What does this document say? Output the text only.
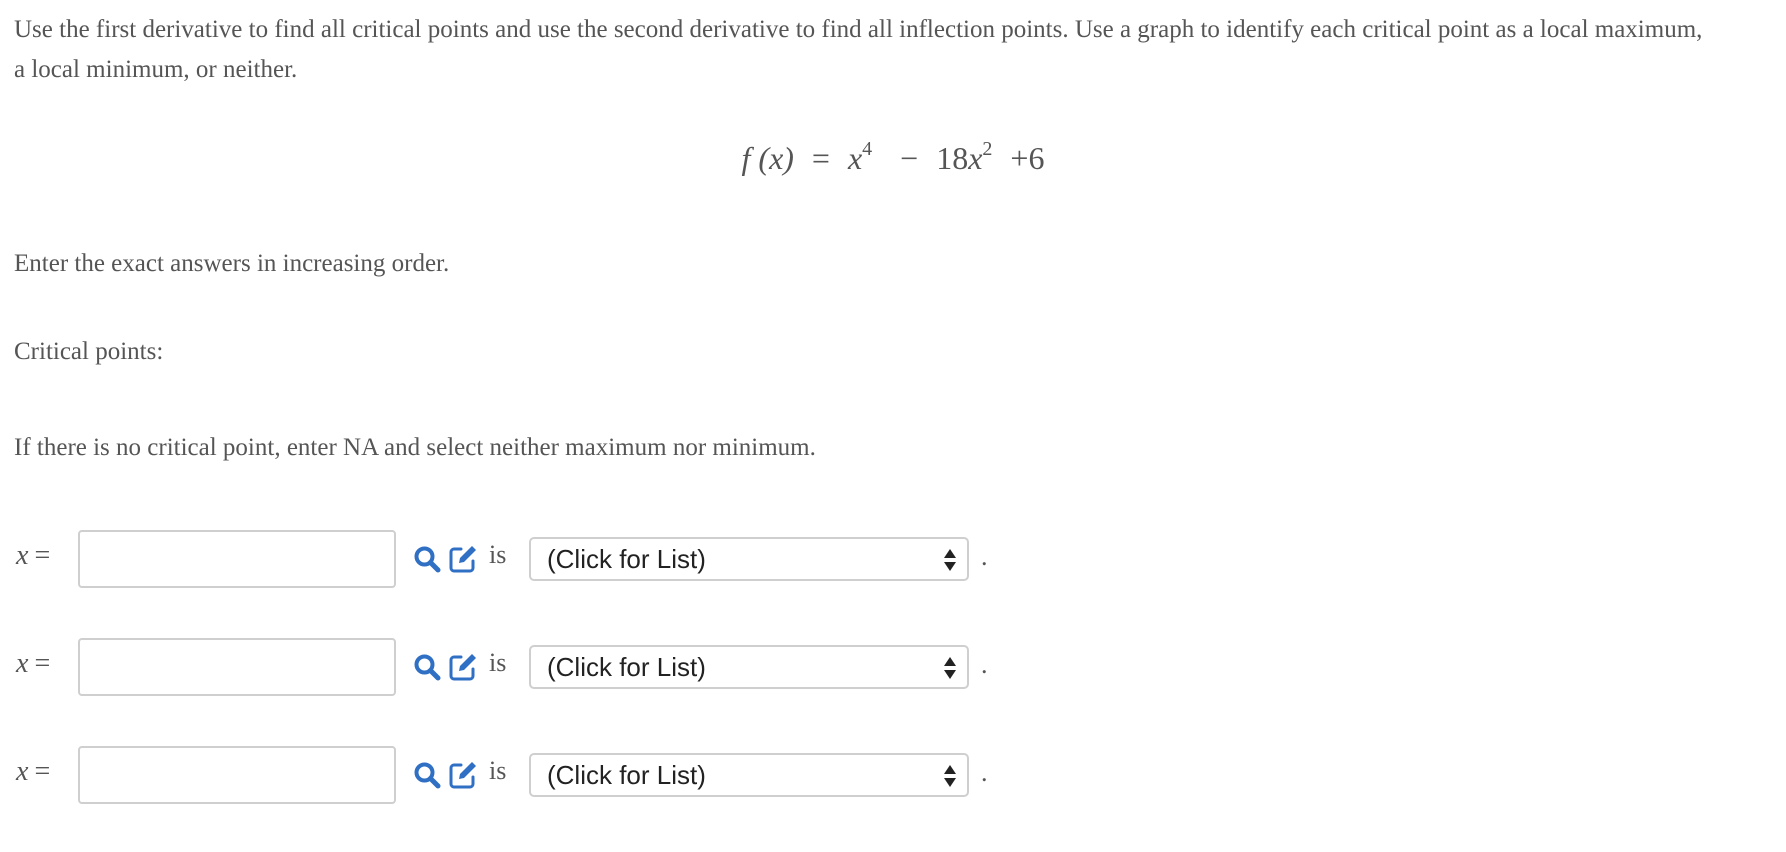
Use the first derivative to find all critical points and use the second derivative to find all inflection points. Use a graph to identify each critical point as a local maximum, a local minimum, or neither.

f $(x) = x^4 - 18x^2 +6$

Enter the exact answers in increasing order.

Critical points:

If there is no critical point, enter NA and select neither maximum nor minimum.

x =	is (Click for List)	.
x =	is (Click for List)	.
x =	is (Click for List)	.
